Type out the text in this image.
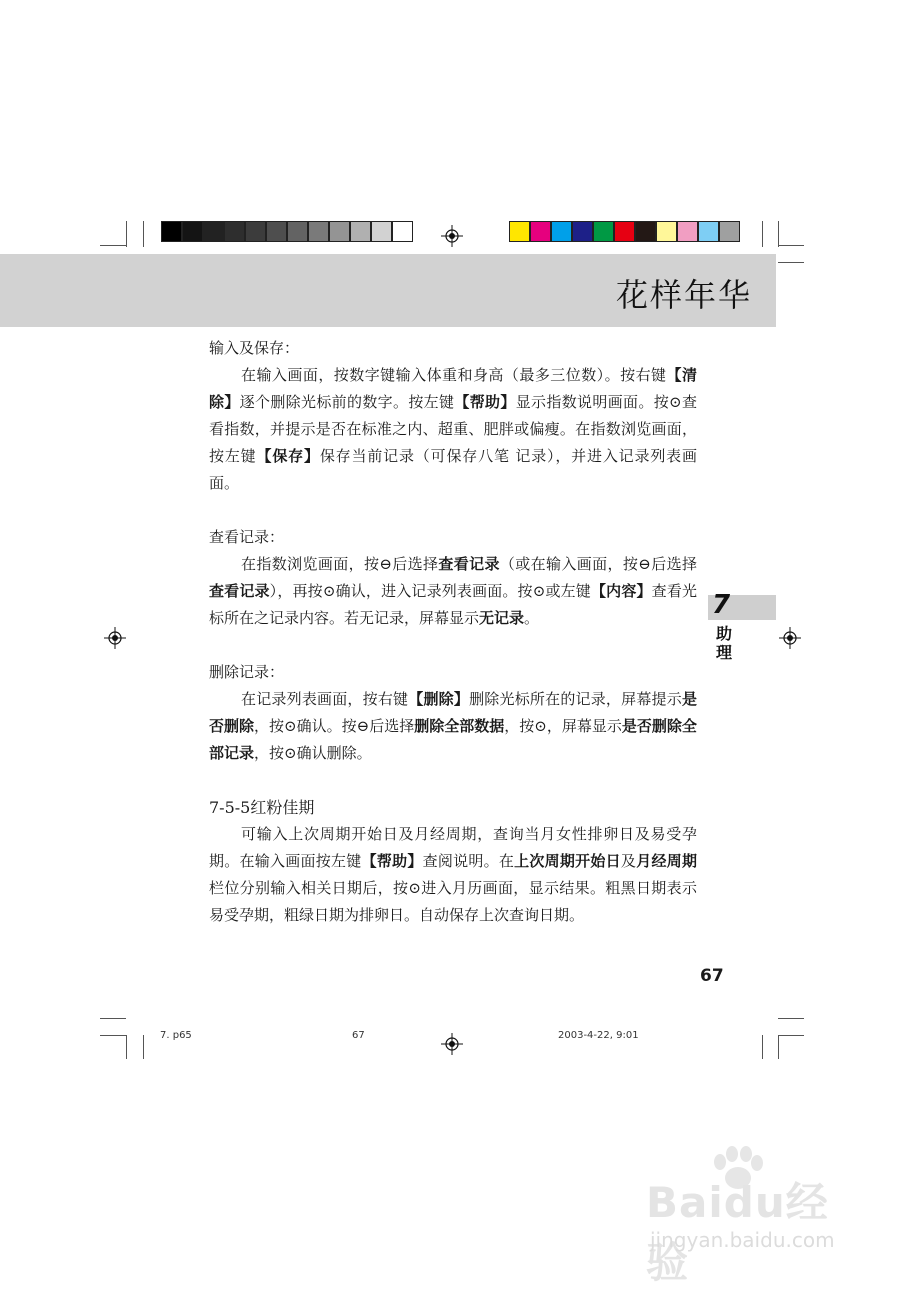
花样年华
7
助理

输入及保存：

在输入画面，按数字键输入体重和身高（最多三位数）。按右键【清除】逐个删除光标前的数字。按左键【帮助】显示指数说明画面。按⊙查看指数，并提示是否在标准之内、超重、肥胖或偏瘦。在指数浏览画面，按左键【保存】保存当前记录（可保存八笔 记录），并进入记录列表画面。

查看记录：

在指数浏览画面，按⊖后选择查看记录（或在输入画面，按⊖后选择查看记录），再按⊙确认，进入记录列表画面。按⊙或左键【内容】查看光标所在之记录内容。若无记录，屏幕显示无记录。

删除记录：

在记录列表画面，按右键【删除】删除光标所在的记录，屏幕提示是否删除，按⊙确认。按⊖后选择删除全部数据，按⊙，屏幕显示是否删除全部记录，按⊙确认删除。

7-5-5红粉佳期

可输入上次周期开始日及月经周期，查询当月女性排卵日及易受孕期。在输入画面按左键【帮助】查阅说明。在上次周期开始日及月经周期栏位分别输入相关日期后，按⊙进入月历画面，显示结果。粗黑日期表示易受孕期，粗绿日期为排卵日。自动保存上次查询日期。

67
7. p65	67	2003-4-22, 9:01
Baidu经验
jingyan.baidu.com
